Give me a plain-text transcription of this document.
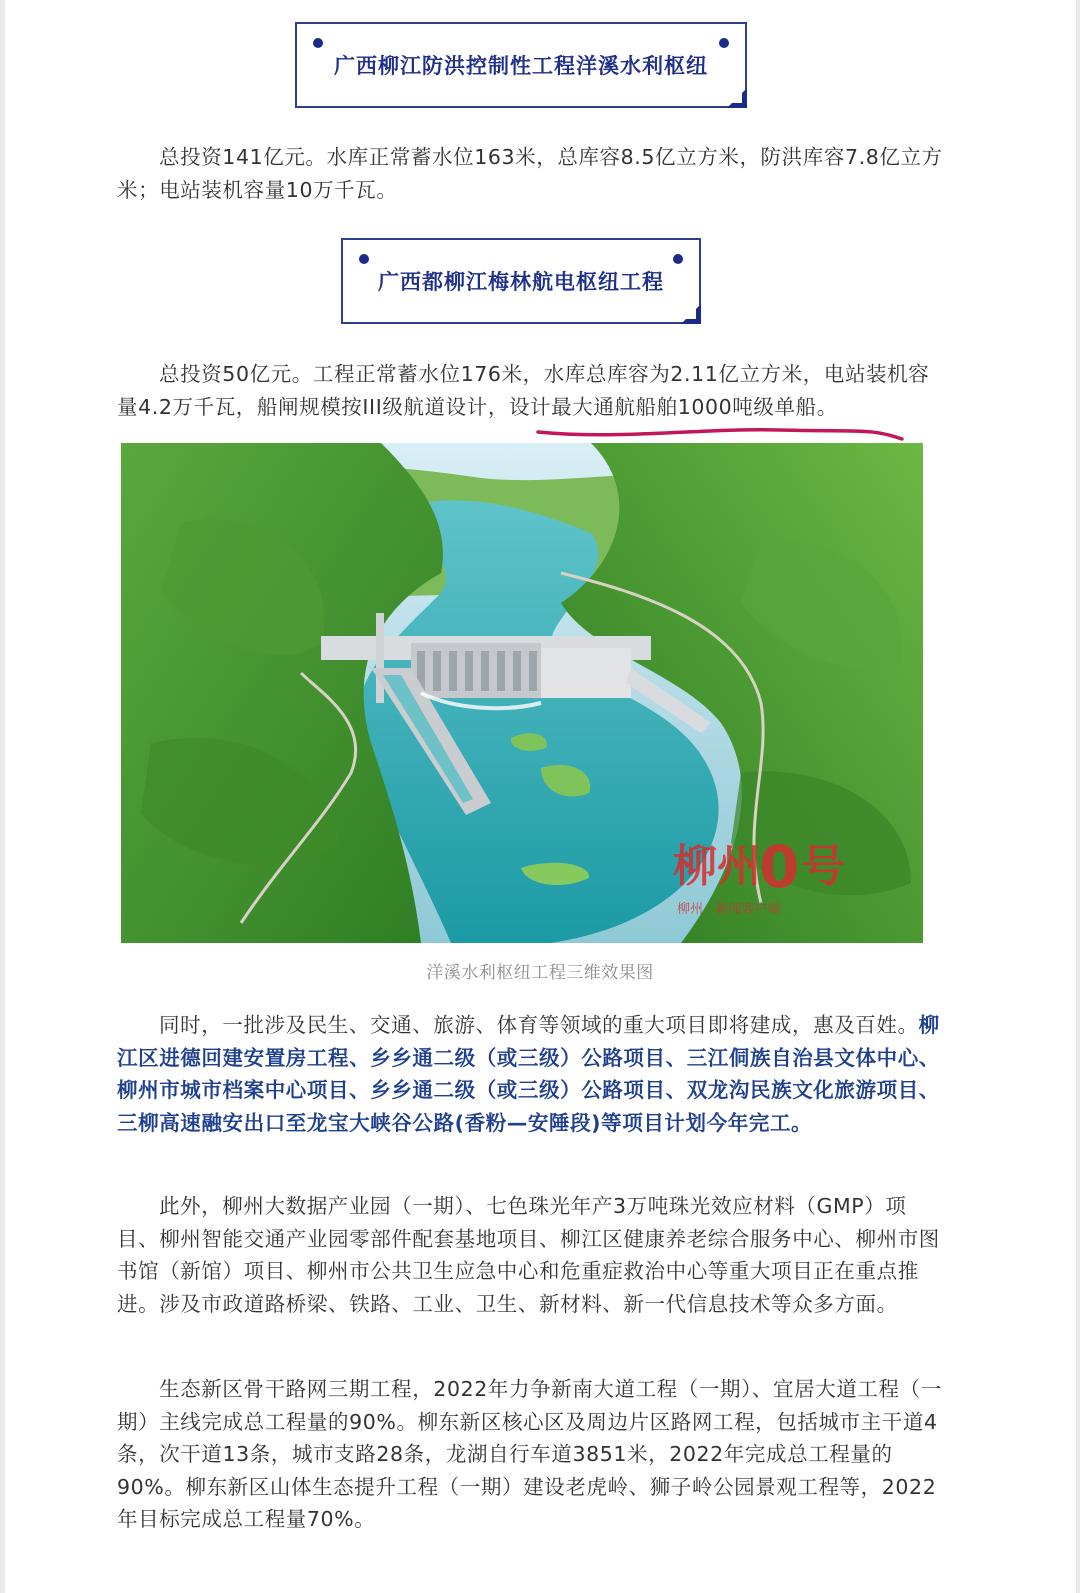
广西柳江防洪控制性工程洋溪水利枢纽

总投资141亿元。水库正常蓄水位163米，总库容8.5亿立方米，防洪库容7.8亿立方米；电站装机容量10万千瓦。

广西都柳江梅林航电枢纽工程

总投资50亿元。工程正常蓄水位176米，水库总库容为2.11亿立方米，电站装机容量4.2万千瓦，船闸规模按III级航道设计，设计最大通航船舶1000吨级单船。

柳州
0 号
柳州 · 新闻客户端
洋溪水利枢纽工程三维效果图

同时，一批涉及民生、交通、旅游、体育等领域的重大项目即将建成，惠及百姓。柳江区进德回建安置房工程、乡乡通二级（或三级）公路项目、三江侗族自治县文体中心、柳州市城市档案中心项目、乡乡通二级（或三级）公路项目、双龙沟民族文化旅游项目、三柳高速融安出口至龙宝大峡谷公路(香粉—安陲段)等项目计划今年完工。

此外，柳州大数据产业园（一期）、七色珠光年产3万吨珠光效应材料（GMP）项目、柳州智能交通产业园零部件配套基地项目、柳江区健康养老综合服务中心、柳州市图书馆（新馆）项目、柳州市公共卫生应急中心和危重症救治中心等重大项目正在重点推进。涉及市政道路桥梁、铁路、工业、卫生、新材料、新一代信息技术等众多方面。

生态新区骨干路网三期工程，2022年力争新南大道工程（一期）、宜居大道工程（一期）主线完成总工程量的90%。柳东新区核心区及周边片区路网工程，包括城市主干道4条，次干道13条，城市支路28条，龙湖自行车道3851米，2022年完成总工程量的90%。柳东新区山体生态提升工程（一期）建设老虎岭、狮子岭公园景观工程等，2022年目标完成总工程量70%。
